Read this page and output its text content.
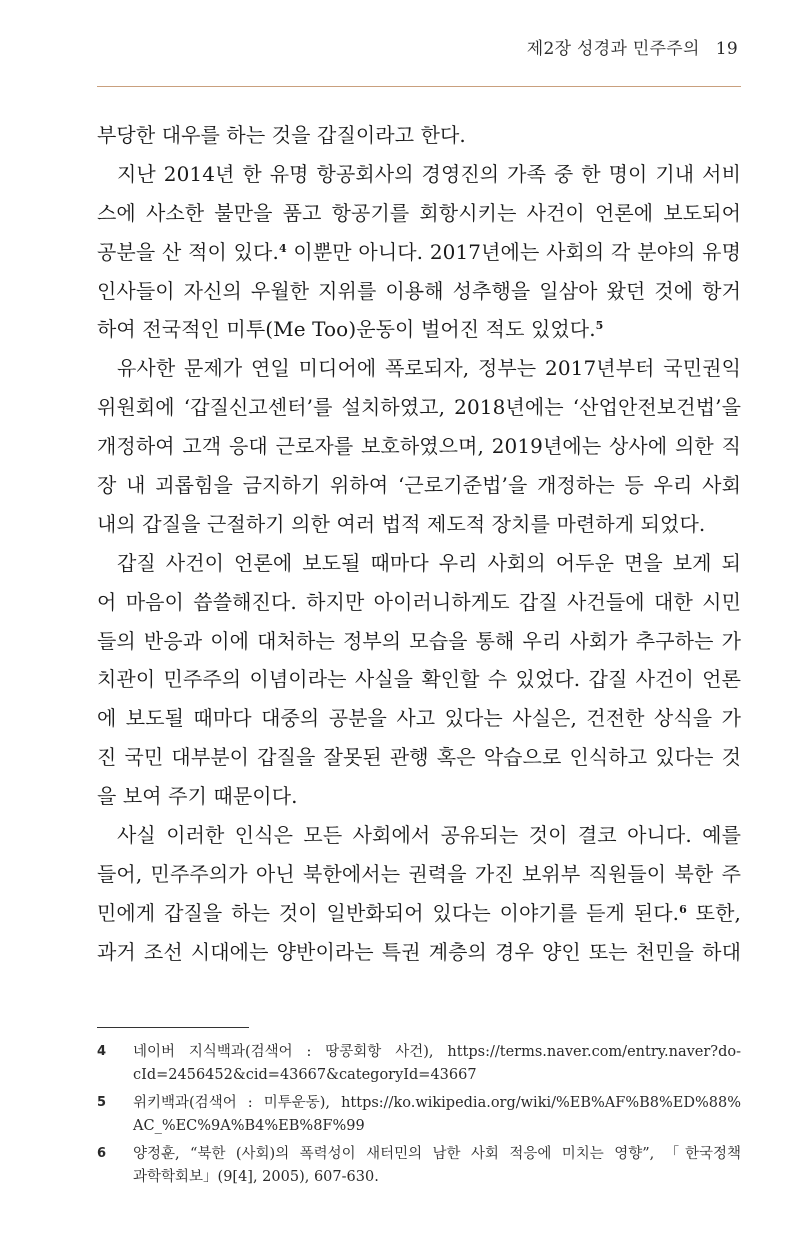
제2장 성경과 민주주의 19
부당한 대우를 하는 것을 갑질이라고 한다.
지난 2014년 한 유명 항공회사의 경영진의 가족 중 한 명이 기내 서비
스에 사소한 불만을 품고 항공기를 회항시키는 사건이 언론에 보도되어
공분을 산 적이 있다.$^4$ 이뿐만 아니다. 2017년에는 사회의 각 분야의 유명
인사들이 자신의 우월한 지위를 이용해 성추행을 일삼아 왔던 것에 항거
하여 전국적인 미투(Me Too)운동이 벌어진 적도 있었다.$^5$
유사한 문제가 연일 미디어에 폭로되자, 정부는 2017년부터 국민권익
위원회에 ‘갑질신고센터’를 설치하였고, 2018년에는 ‘산업안전보건법’을
개정하여 고객 응대 근로자를 보호하였으며, 2019년에는 상사에 의한 직
장 내 괴롭힘을 금지하기 위하여 ‘근로기준법’을 개정하는 등 우리 사회
내의 갑질을 근절하기 의한 여러 법적 제도적 장치를 마련하게 되었다.
갑질 사건이 언론에 보도될 때마다 우리 사회의 어두운 면을 보게 되
어 마음이 씁쓸해진다. 하지만 아이러니하게도 갑질 사건들에 대한 시민
들의 반응과 이에 대처하는 정부의 모습을 통해 우리 사회가 추구하는 가
치관이 민주주의 이념이라는 사실을 확인할 수 있었다. 갑질 사건이 언론
에 보도될 때마다 대중의 공분을 사고 있다는 사실은, 건전한 상식을 가
진 국민 대부분이 갑질을 잘못된 관행 혹은 악습으로 인식하고 있다는 것
을 보여 주기 때문이다.
사실 이러한 인식은 모든 사회에서 공유되는 것이 결코 아니다. 예를
들어, 민주주의가 아닌 북한에서는 권력을 가진 보위부 직원들이 북한 주
민에게 갑질을 하는 것이 일반화되어 있다는 이야기를 듣게 된다.$^6$ 또한,
과거 조선 시대에는 양반이라는 특권 계층의 경우 양인 또는 천민을 하대
4 네이버 지식백과(검색어 : 땅콩회항 사건), https://terms.naver.com/entry.naver?do-
cId=2456452&cid=43667&categoryId=43667
5 위키백과(검색어 : 미투운동), https://ko.wikipedia.org/wiki/%EB%AF%B8%ED%88%
AC_%EC%9A%B4%EB%8F%99
6 양정훈, “북한 (사회)의 폭력성이 새터민의 남한 사회 적응에 미치는 영향”, 「한국정책
과학학회보」(9[4], 2005), 607-630.
